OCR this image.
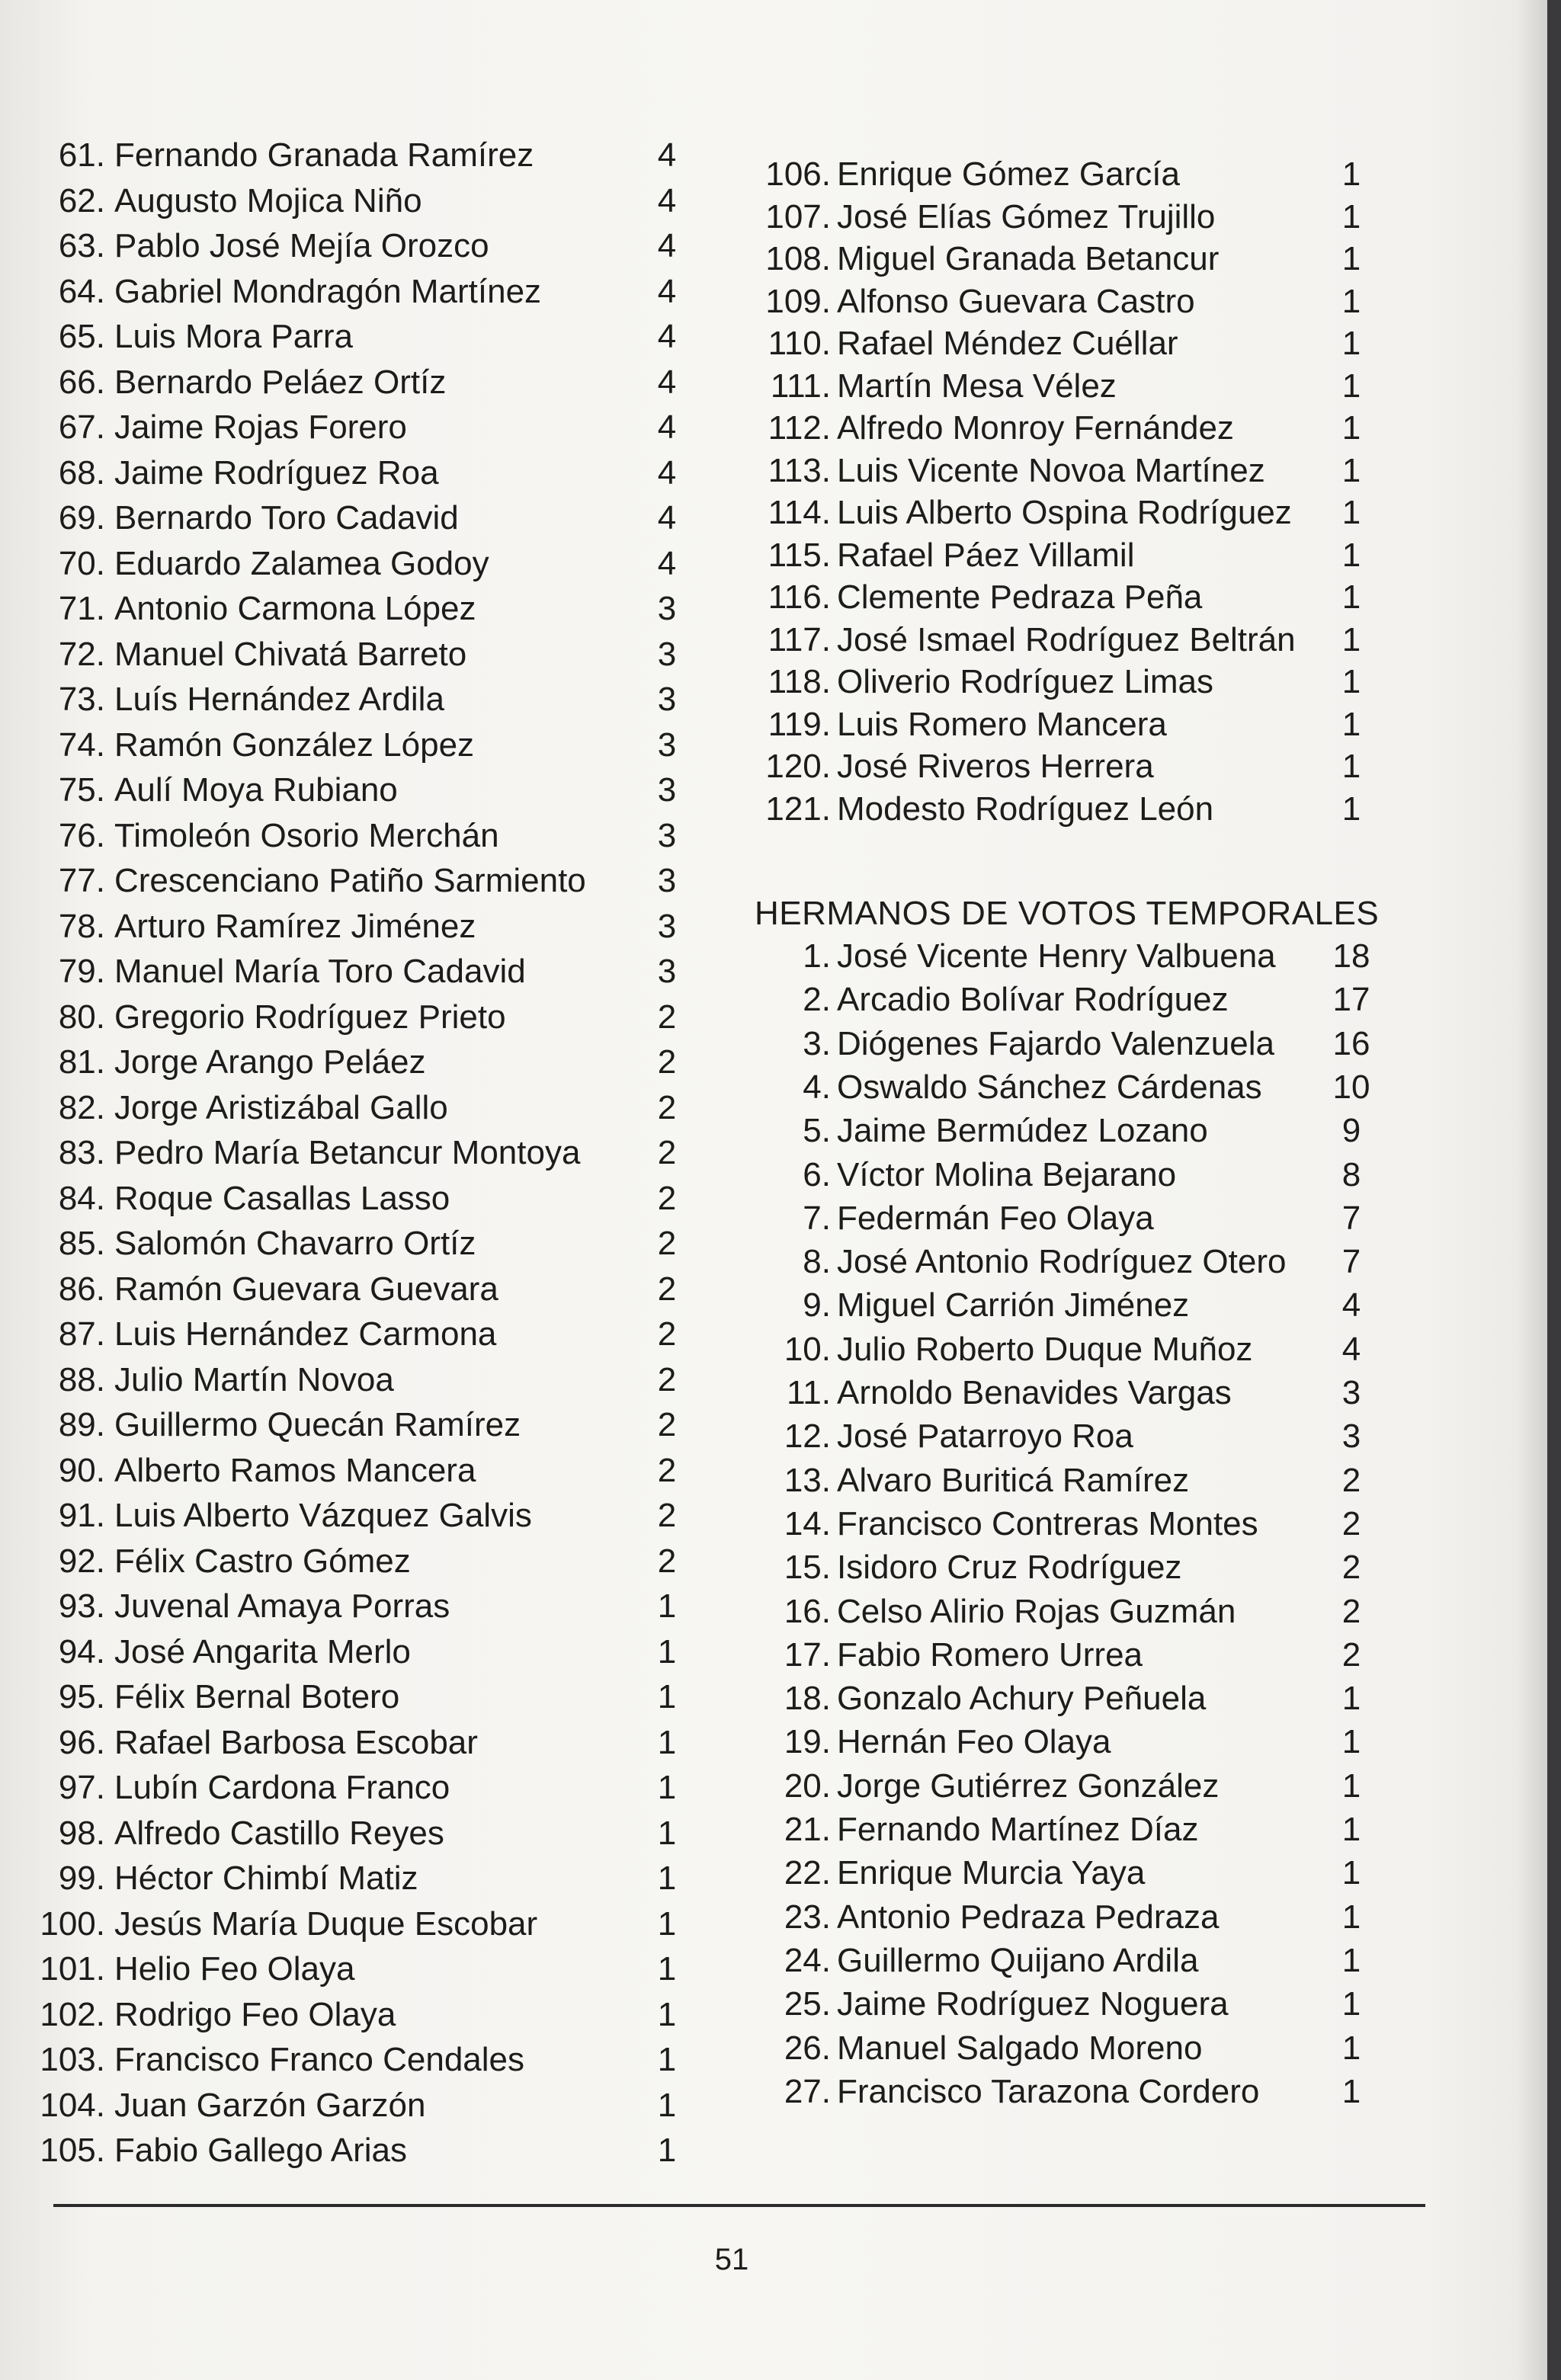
61. Fernando Granada Ramírez	4
62. Augusto Mojica Niño	4
63. Pablo José Mejía Orozco	4
64. Gabriel Mondragón Martínez	4
65. Luis Mora Parra	4
66. Bernardo Peláez Ortíz	4
67. Jaime Rojas Forero	4
68. Jaime Rodríguez Roa	4
69. Bernardo Toro Cadavid	4
70. Eduardo Zalamea Godoy	4
71. Antonio Carmona López	3
72. Manuel Chivatá Barreto	3
73. Luís Hernández Ardila	3
74. Ramón González López	3
75. Aulí Moya Rubiano	3
76. Timoleón Osorio Merchán	3
77. Crescenciano Patiño Sarmiento 3
78. Arturo Ramírez Jiménez	3
79. Manuel María Toro Cadavid	3
80. Gregorio Rodríguez Prieto	2
81. Jorge Arango Peláez	2
82. Jorge Aristizábal Gallo	2
83. Pedro María Betancur Montoya 2
84. Roque Casallas Lasso	2
85. Salomón Chavarro Ortíz	2
86. Ramón Guevara Guevara	2
87. Luis Hernández Carmona	2
88. Julio Martín Novoa	2
89. Guillermo Quecán Ramírez	2
90. Alberto Ramos Mancera	2
91. Luis Alberto Vázquez Galvis	2
92. Félix Castro Gómez	2
93. Juvenal Amaya Porras	1
94. José Angarita Merlo	1
95. Félix Bernal Botero	1
96. Rafael Barbosa Escobar	1
97. Lubín Cardona Franco	1
98. Alfredo Castillo Reyes	1
99. Héctor Chimbí Matiz	1
100. Jesús María Duque Escobar	1
101. Helio Feo Olaya	1
102. Rodrigo Feo Olaya	1
103. Francisco Franco Cendales	1
104. Juan Garzón Garzón	1
105. Fabio Gallego Arias	1
106. Enrique Gómez García	1
107. José Elías Gómez Trujillo	1
108. Miguel Granada Betancur	1
109. Alfonso Guevara Castro	1
110. Rafael Méndez Cuéllar	1
111. Martín Mesa Vélez	1
112. Alfredo Monroy Fernández	1
113. Luis Vicente Novoa Martínez 1
114. Luis Alberto Ospina Rodríguez 1
115. Rafael Páez Villamil	1
116. Clemente Pedraza Peña	1
117. José Ismael Rodríguez Beltrán 1
118. Oliverio Rodríguez Limas	1
119. Luis Romero Mancera	1
120. José Riveros Herrera	1
121. Modesto Rodríguez León	1
HERMANOS DE VOTOS TEMPORALES
1. José Vicente Henry Valbuena 18
2. Arcadio Bolívar Rodríguez	17
3. Diógenes Fajardo Valenzuela 16
4. Oswaldo Sánchez Cárdenas 10
5. Jaime Bermúdez Lozano	9
6. Víctor Molina Bejarano	8
7. Federmán Feo Olaya	7
8. José Antonio Rodríguez Otero 7
9. Miguel Carrión Jiménez	4
10. Julio Roberto Duque Muñoz	4
11. Arnoldo Benavides Vargas	3
12. José Patarroyo Roa	3
13. Alvaro Buriticá Ramírez	2
14. Francisco Contreras Montes	2
15. Isidoro Cruz Rodríguez	2
16. Celso Alirio Rojas Guzmán	2
17. Fabio Romero Urrea	2
18. Gonzalo Achury Peñuela	1
19. Hernán Feo Olaya	1
20. Jorge Gutiérrez González	1
21. Fernando Martínez Díaz	1
22. Enrique Murcia Yaya	1
23. Antonio Pedraza Pedraza	1
24. Guillermo Quijano Ardila	1
25. Jaime Rodríguez Noguera	1
26. Manuel Salgado Moreno	1
27. Francisco Tarazona Cordero 1
51
